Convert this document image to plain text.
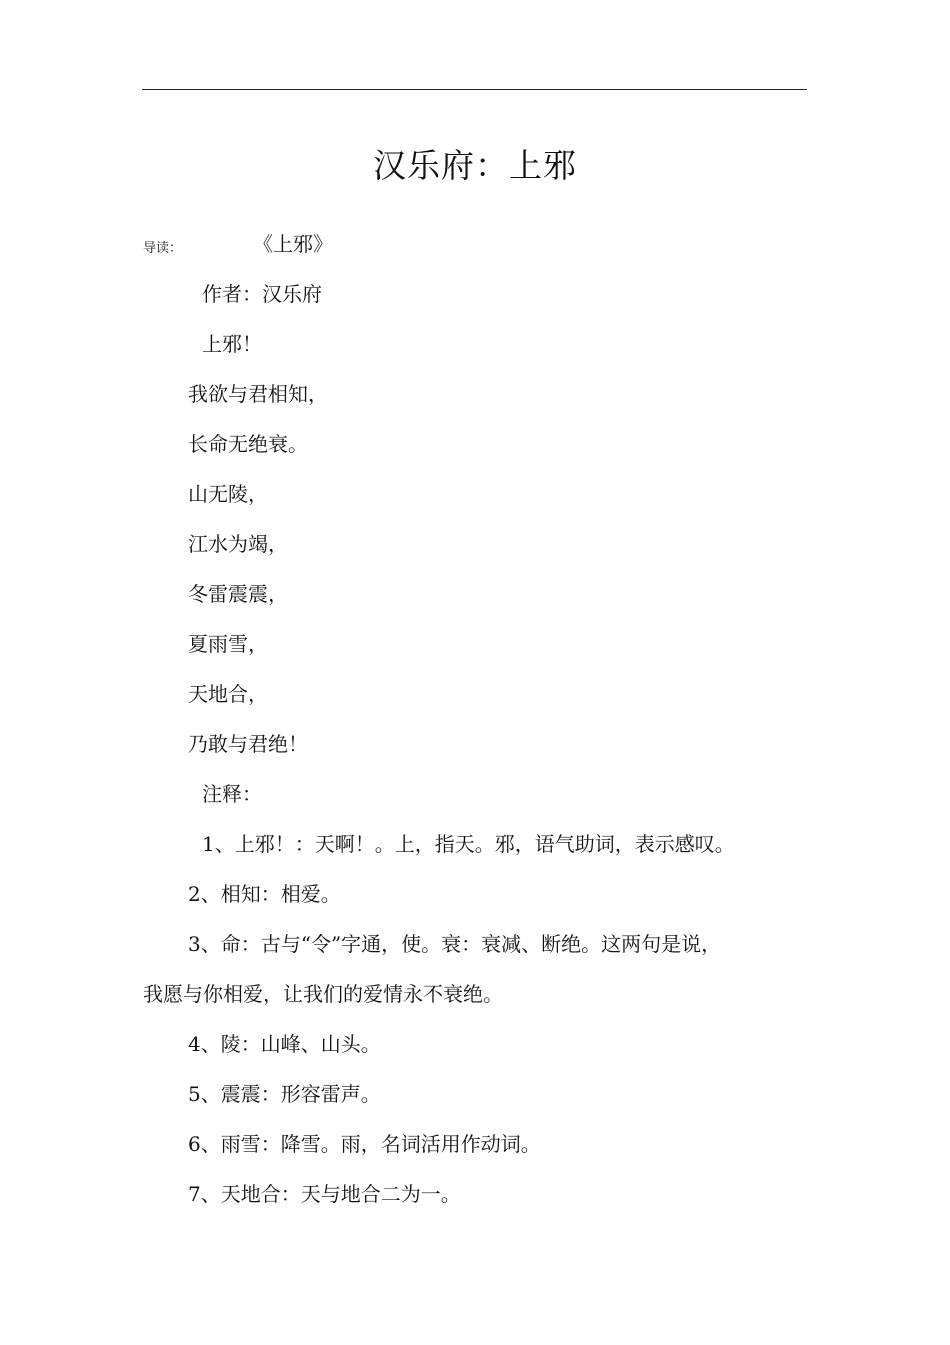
汉乐府：上邪
导读：	《上邪》
作者：汉乐府
上邪！
我欲与君相知，
长命无绝衰。
山无陵，
江水为竭，
冬雷震震，
夏雨雪，
天地合，
乃敢与君绝！
注释：
1、上邪！：天啊！。上，指天。邪，语气助词，表示感叹。
2、相知：相爱。
3、命：古与“令”字通，使。衰：衰减、断绝。这两句是说，
我愿与你相爱，让我们的爱情永不衰绝。
4、陵：山峰、山头。
5、震震：形容雷声。
6、雨雪：降雪。雨，名词活用作动词。
7、天地合：天与地合二为一。
